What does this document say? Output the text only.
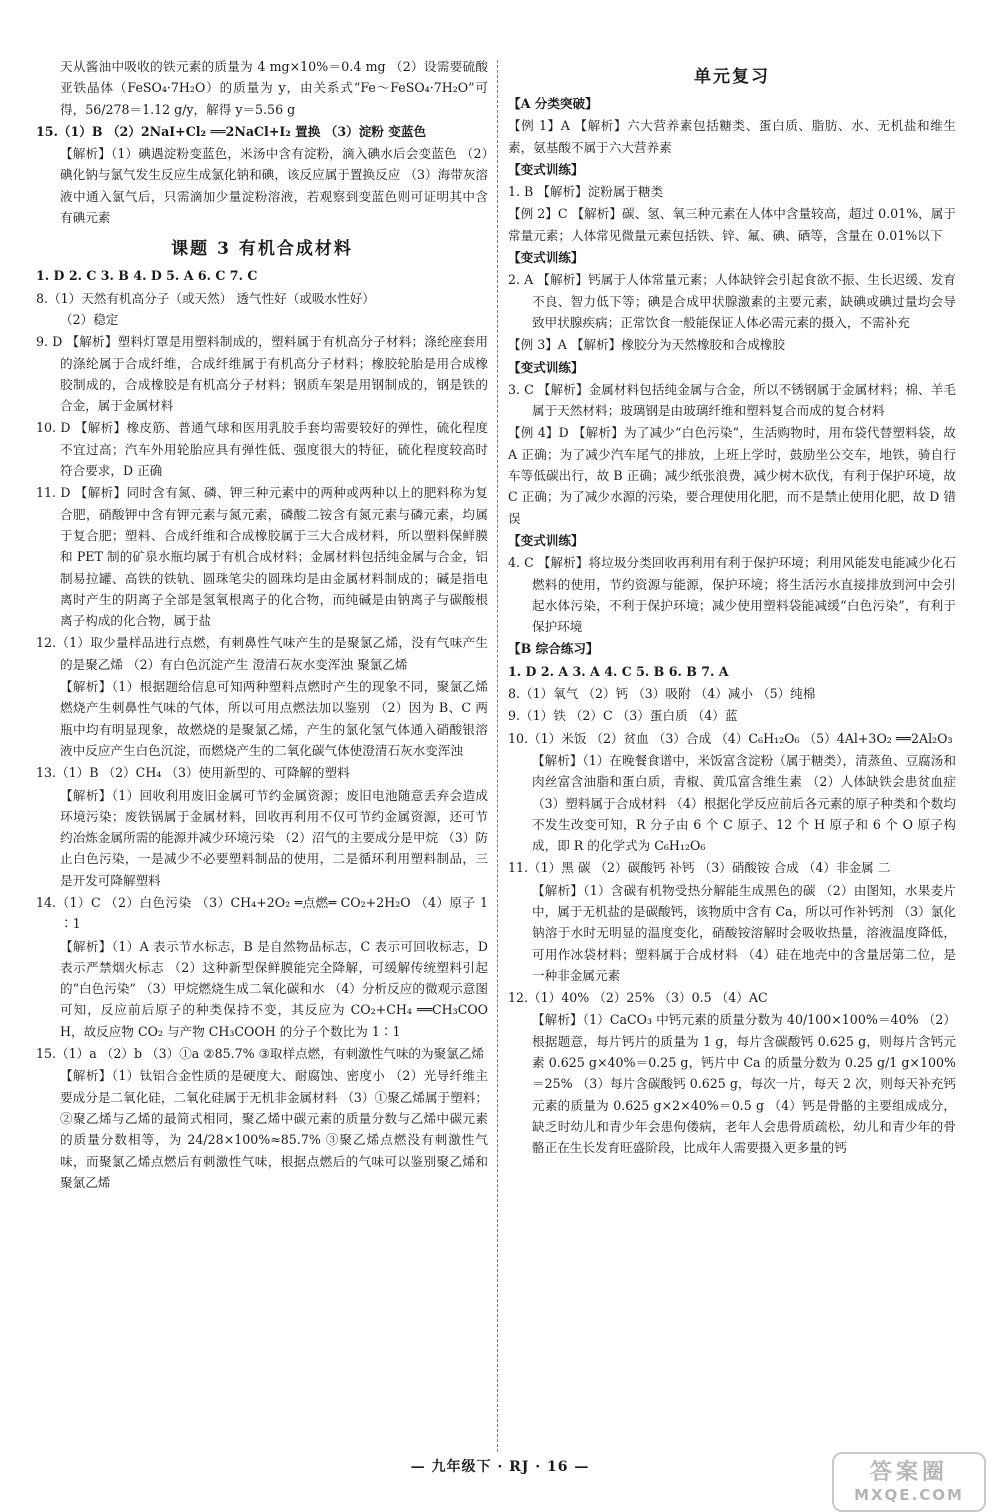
天从酱油中吸收的铁元素的质量为 4 mg×10%＝0.4 mg （2）设需要硫酸亚铁晶体（FeSO₄·7H₂O）的质量为 y，由关系式“Fe～FeSO₄·7H₂O”可得，56/278＝1.12 g/y，解得 y＝5.56 g

15.（1）B （2）2NaI+Cl₂ ══2NaCl+I₂ 置换 （3）淀粉 变蓝色

【解析】（1）碘遇淀粉变蓝色，米汤中含有淀粉，滴入碘水后会变蓝色 （2）碘化钠与氯气发生反应生成氯化钠和碘，该反应属于置换反应 （3）海带灰溶液中通入氯气后，只需滴加少量淀粉溶液，若观察到变蓝色则可证明其中含有碘元素

课题 3 有机合成材料

1. D 2. C 3. B 4. D 5. A 6. C 7. C

8.（1）天然有机高分子（或天然） 透气性好（或吸水性好）
（2）稳定

9. D 【解析】塑料灯罩是用塑料制成的，塑料属于有机高分子材料；涤纶座套用的涤纶属于合成纤维，合成纤维属于有机高分子材料；橡胶轮胎是用合成橡胶制成的，合成橡胶是有机高分子材料；钢质车架是用钢制成的，钢是铁的合金，属于金属材料

10. D 【解析】橡皮筋、普通气球和医用乳胶手套均需要较好的弹性，硫化程度不宜过高；汽车外用轮胎应具有弹性低、强度很大的特征，硫化程度较高时符合要求，D 正确

11. D 【解析】同时含有氮、磷、钾三种元素中的两种或两种以上的肥料称为复合肥，硝酸钾中含有钾元素与氮元素，磷酸二铵含有氮元素与磷元素，均属于复合肥；塑料、合成纤维和合成橡胶属于三大合成材料，所以塑料保鲜膜和 PET 制的矿泉水瓶均属于有机合成材料；金属材料包括纯金属与合金，铝制易拉罐、高铁的铁轨、圆珠笔尖的圆珠均是由金属材料制成的；碱是指电离时产生的阴离子全部是氢氧根离子的化合物，而纯碱是由钠离子与碳酸根离子构成的化合物，属于盐

12.（1）取少量样品进行点燃，有刺鼻性气味产生的是聚氯乙烯，没有气味产生的是聚乙烯 （2）有白色沉淀产生 澄清石灰水变浑浊 聚氯乙烯

【解析】（1）根据题给信息可知两种塑料点燃时产生的现象不同，聚氯乙烯燃烧产生刺鼻性气味的气体，所以可用点燃法加以鉴别 （2）因为 B、C 两瓶中均有明显现象，故燃烧的是聚氯乙烯，产生的氯化氢气体通入硝酸银溶液中反应产生白色沉淀，而燃烧产生的二氧化碳气体使澄清石灰水变浑浊

13.（1）B （2）CH₄ （3）使用新型的、可降解的塑料

【解析】（1）回收利用废旧金属可节约金属资源；废旧电池随意丢弃会造成环境污染；废铁锅属于金属材料，回收再利用不仅可节约金属资源，还可节约冶炼金属所需的能源并减少环境污染 （2）沼气的主要成分是甲烷 （3）防止白色污染，一是减少不必要塑料制品的使用，二是循环利用塑料制品，三是开发可降解塑料

14.（1）C （2）白色污染 （3）CH₄+2O₂ ═点燃═ CO₂+2H₂O （4）原子 1∶1

【解析】（1）A 表示节水标志，B 是自然物品标志，C 表示可回收标志，D 表示严禁烟火标志 （2）这种新型保鲜膜能完全降解，可缓解传统塑料引起的“白色污染” （3）甲烷燃烧生成二氧化碳和水 （4）分析反应的微观示意图可知，反应前后原子的种类保持不变，其反应为 CO₂+CH₄ ══CH₃COOH，故反应物 CO₂ 与产物 CH₃COOH 的分子个数比为 1∶1

15.（1）a （2）b （3）①a ②85.7% ③取样点燃，有刺激性气味的为聚氯乙烯

【解析】（1）钛铝合金性质的是硬度大、耐腐蚀、密度小 （2）光导纤维主要成分是二氧化硅，二氧化硅属于无机非金属材料 （3）①聚乙烯属于塑料；②聚乙烯与乙烯的最简式相同，聚乙烯中碳元素的质量分数与乙烯中碳元素的质量分数相等，为 24/28×100%≈85.7% ③聚乙烯点燃没有刺激性气味，而聚氯乙烯点燃后有刺激性气味，根据点燃后的气味可以鉴别聚乙烯和聚氯乙烯

单元复习

【A 分类突破】

【例 1】A 【解析】六大营养素包括糖类、蛋白质、脂肪、水、无机盐和维生素，氨基酸不属于六大营养素

【变式训练】

1. B 【解析】淀粉属于糖类

【例 2】C 【解析】碳、氢、氧三种元素在人体中含量较高，超过 0.01%，属于常量元素；人体常见微量元素包括铁、锌、氟、碘、硒等，含量在 0.01%以下

【变式训练】

2. A 【解析】钙属于人体常量元素；人体缺锌会引起食欲不振、生长迟缓、发育不良、智力低下等；碘是合成甲状腺激素的主要元素，缺碘或碘过量均会导致甲状腺疾病；正常饮食一般能保证人体必需元素的摄入，不需补充

【例 3】A 【解析】橡胶分为天然橡胶和合成橡胶

【变式训练】

3. C 【解析】金属材料包括纯金属与合金，所以不锈钢属于金属材料；棉、羊毛属于天然材料；玻璃钢是由玻璃纤维和塑料复合而成的复合材料

【例 4】D 【解析】为了减少“白色污染”，生活购物时，用布袋代替塑料袋，故 A 正确；为了减少汽车尾气的排放，上班上学时，鼓励坐公交车，地铁，骑自行车等低碳出行，故 B 正确；减少纸张浪费，减少树木砍伐，有利于保护环境，故 C 正确；为了减少水源的污染，要合理使用化肥，而不是禁止使用化肥，故 D 错误

【变式训练】

4. C 【解析】将垃圾分类回收再利用有利于保护环境；利用风能发电能减少化石燃料的使用，节约资源与能源，保护环境；将生活污水直接排放到河中会引起水体污染，不利于保护环境；减少使用塑料袋能减缓“白色污染”，有利于保护环境

【B 综合练习】

1. D 2. A 3. A 4. C 5. B 6. B 7. A

8.（1）氧气 （2）钙 （3）吸附 （4）减小 （5）纯棉

9.（1）铁 （2）C （3）蛋白质 （4）蓝

10.（1）米饭 （2）贫血 （3）合成 （4）C₆H₁₂O₆ （5）4Al+3O₂ ══2Al₂O₃

【解析】（1）在晚餐食谱中，米饭富含淀粉（属于糖类），清蒸鱼、豆腐汤和肉丝富含油脂和蛋白质，青椒、黄瓜富含维生素 （2）人体缺铁会患贫血症 （3）塑料属于合成材料 （4）根据化学反应前后各元素的原子种类和个数均不发生改变可知，R 分子由 6 个 C 原子、12 个 H 原子和 6 个 O 原子构成，即 R 的化学式为 C₆H₁₂O₆

11.（1）黑 碳 （2）碳酸钙 补钙 （3）硝酸铵 合成 （4）非金属 二

【解析】（1）含碳有机物受热分解能生成黑色的碳 （2）由图知，水果麦片中，属于无机盐的是碳酸钙，该物质中含有 Ca，所以可作补钙剂 （3）氯化钠溶于水时无明显的温度变化，硝酸铵溶解时会吸收热量，溶液温度降低，可用作冰袋材料；塑料属于合成材料 （4）硅在地壳中的含量居第二位，是一种非金属元素

12.（1）40% （2）25% （3）0.5 （4）AC

【解析】（1）CaCO₃ 中钙元素的质量分数为 40/100×100%＝40% （2）根据题意，每片钙片的质量为 1 g，每片含碳酸钙 0.625 g，则每片含钙元素 0.625 g×40%＝0.25 g，钙片中 Ca 的质量分数为 0.25 g/1 g×100%＝25% （3）每片含碳酸钙 0.625 g，每次一片，每天 2 次，则每天补充钙元素的质量为 0.625 g×2×40%＝0.5 g （4）钙是骨骼的主要组成成分，缺乏时幼儿和青少年会患佝偻病，老年人会患骨质疏松，幼儿和青少年的骨骼正在生长发育旺盛阶段，比成年人需要摄入更多量的钙

— 九年级下 · RJ · 16 —	答案圈
MXQE.COM
